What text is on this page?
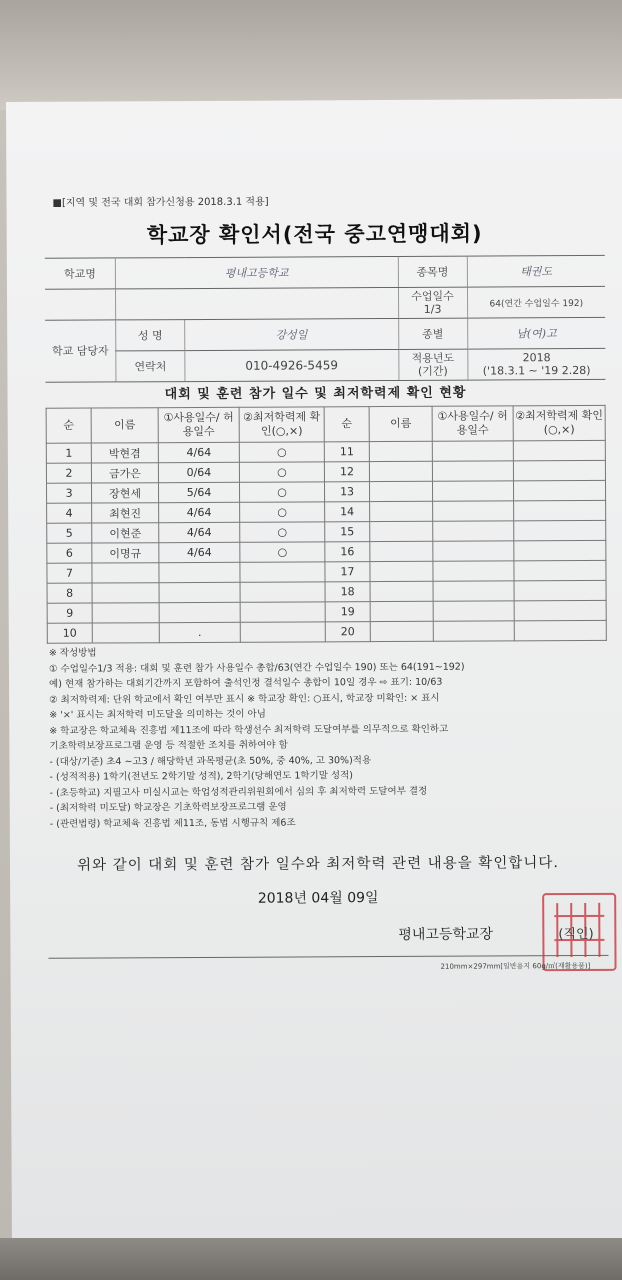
■[지역 및 전국 대회 참가신청용 2018.3.1 적용]
학교장 확인서(전국 중고연맹대회)
학교명	평내고등학교		종목명	태권도
			수업일수 1/3	64(연간 수업일수 192)
학교 담당자	성 명	강성일	종별	남(여)고
	연락처	010-4926-5459	적용년도 (기간)	2018
('18.3.1 ~ '19 2.28)
대회 및 훈련 참가 일수 및 최저학력제 확인 현황
순	이름	①사용일수/ 허용일수	②최저학력제 확인(○,×)	순	이름	①사용일수/ 허용일수	②최저학력제 확인(○,×)
1	박현겸	4/64	○	11			
2	금가은	0/64	○	12			
3	장현세	5/64	○	13			
4	최현진	4/64	○	14			
5	이현준	4/64	○	15			
6	이명규	4/64	○	16			
7				17			
8				18			
9				19			
10		.		20			
※ 작성방법
① 수업일수1/3 적용: 대회 및 훈련 참가 사용일수 총합/63(연간 수업일수 190) 또는 64(191~192)
예) 현재 참가하는 대회기간까지 포함하여 출석인정 결석일수 총합이 10일 경우 ⇨ 표기: 10/63
② 최저학력제: 단위 학교에서 확인 여부만 표시 ※ 학교장 확인: ○표시, 학교장 미확인: × 표시
※ '×' 표시는 최저학력 미도달을 의미하는 것이 아님
※ 학교장은 학교체육 진흥법 제11조에 따라 학생선수 최저학력 도달여부를 의무적으로 확인하고
기초학력보장프로그램 운영 등 적절한 조치를 취하여야 함
- (대상/기준) 초4 ~고3 / 해당학년 과목평균(초 50%, 중 40%, 고 30%)적용
- (성적적용) 1학기(전년도 2학기말 성적), 2학기(당해연도 1학기말 성적)
- (초등학교) 지필고사 미실시교는 학업성적관리위원회에서 심의 후 최저학력 도달여부 결정
- (최저학력 미도달) 학교장은 기초학력보장프로그램 운영
- (관련법령) 학교체육 진흥법 제11조, 동법 시행규칙 제6조
위와 같이 대회 및 훈련 참가 일수와 최저학력 관련 내용을 확인합니다.
2018년 04월 09일
평내고등학교장	(직인)
210mm×297mm[일반용지 60g/㎡(재활용품)]
